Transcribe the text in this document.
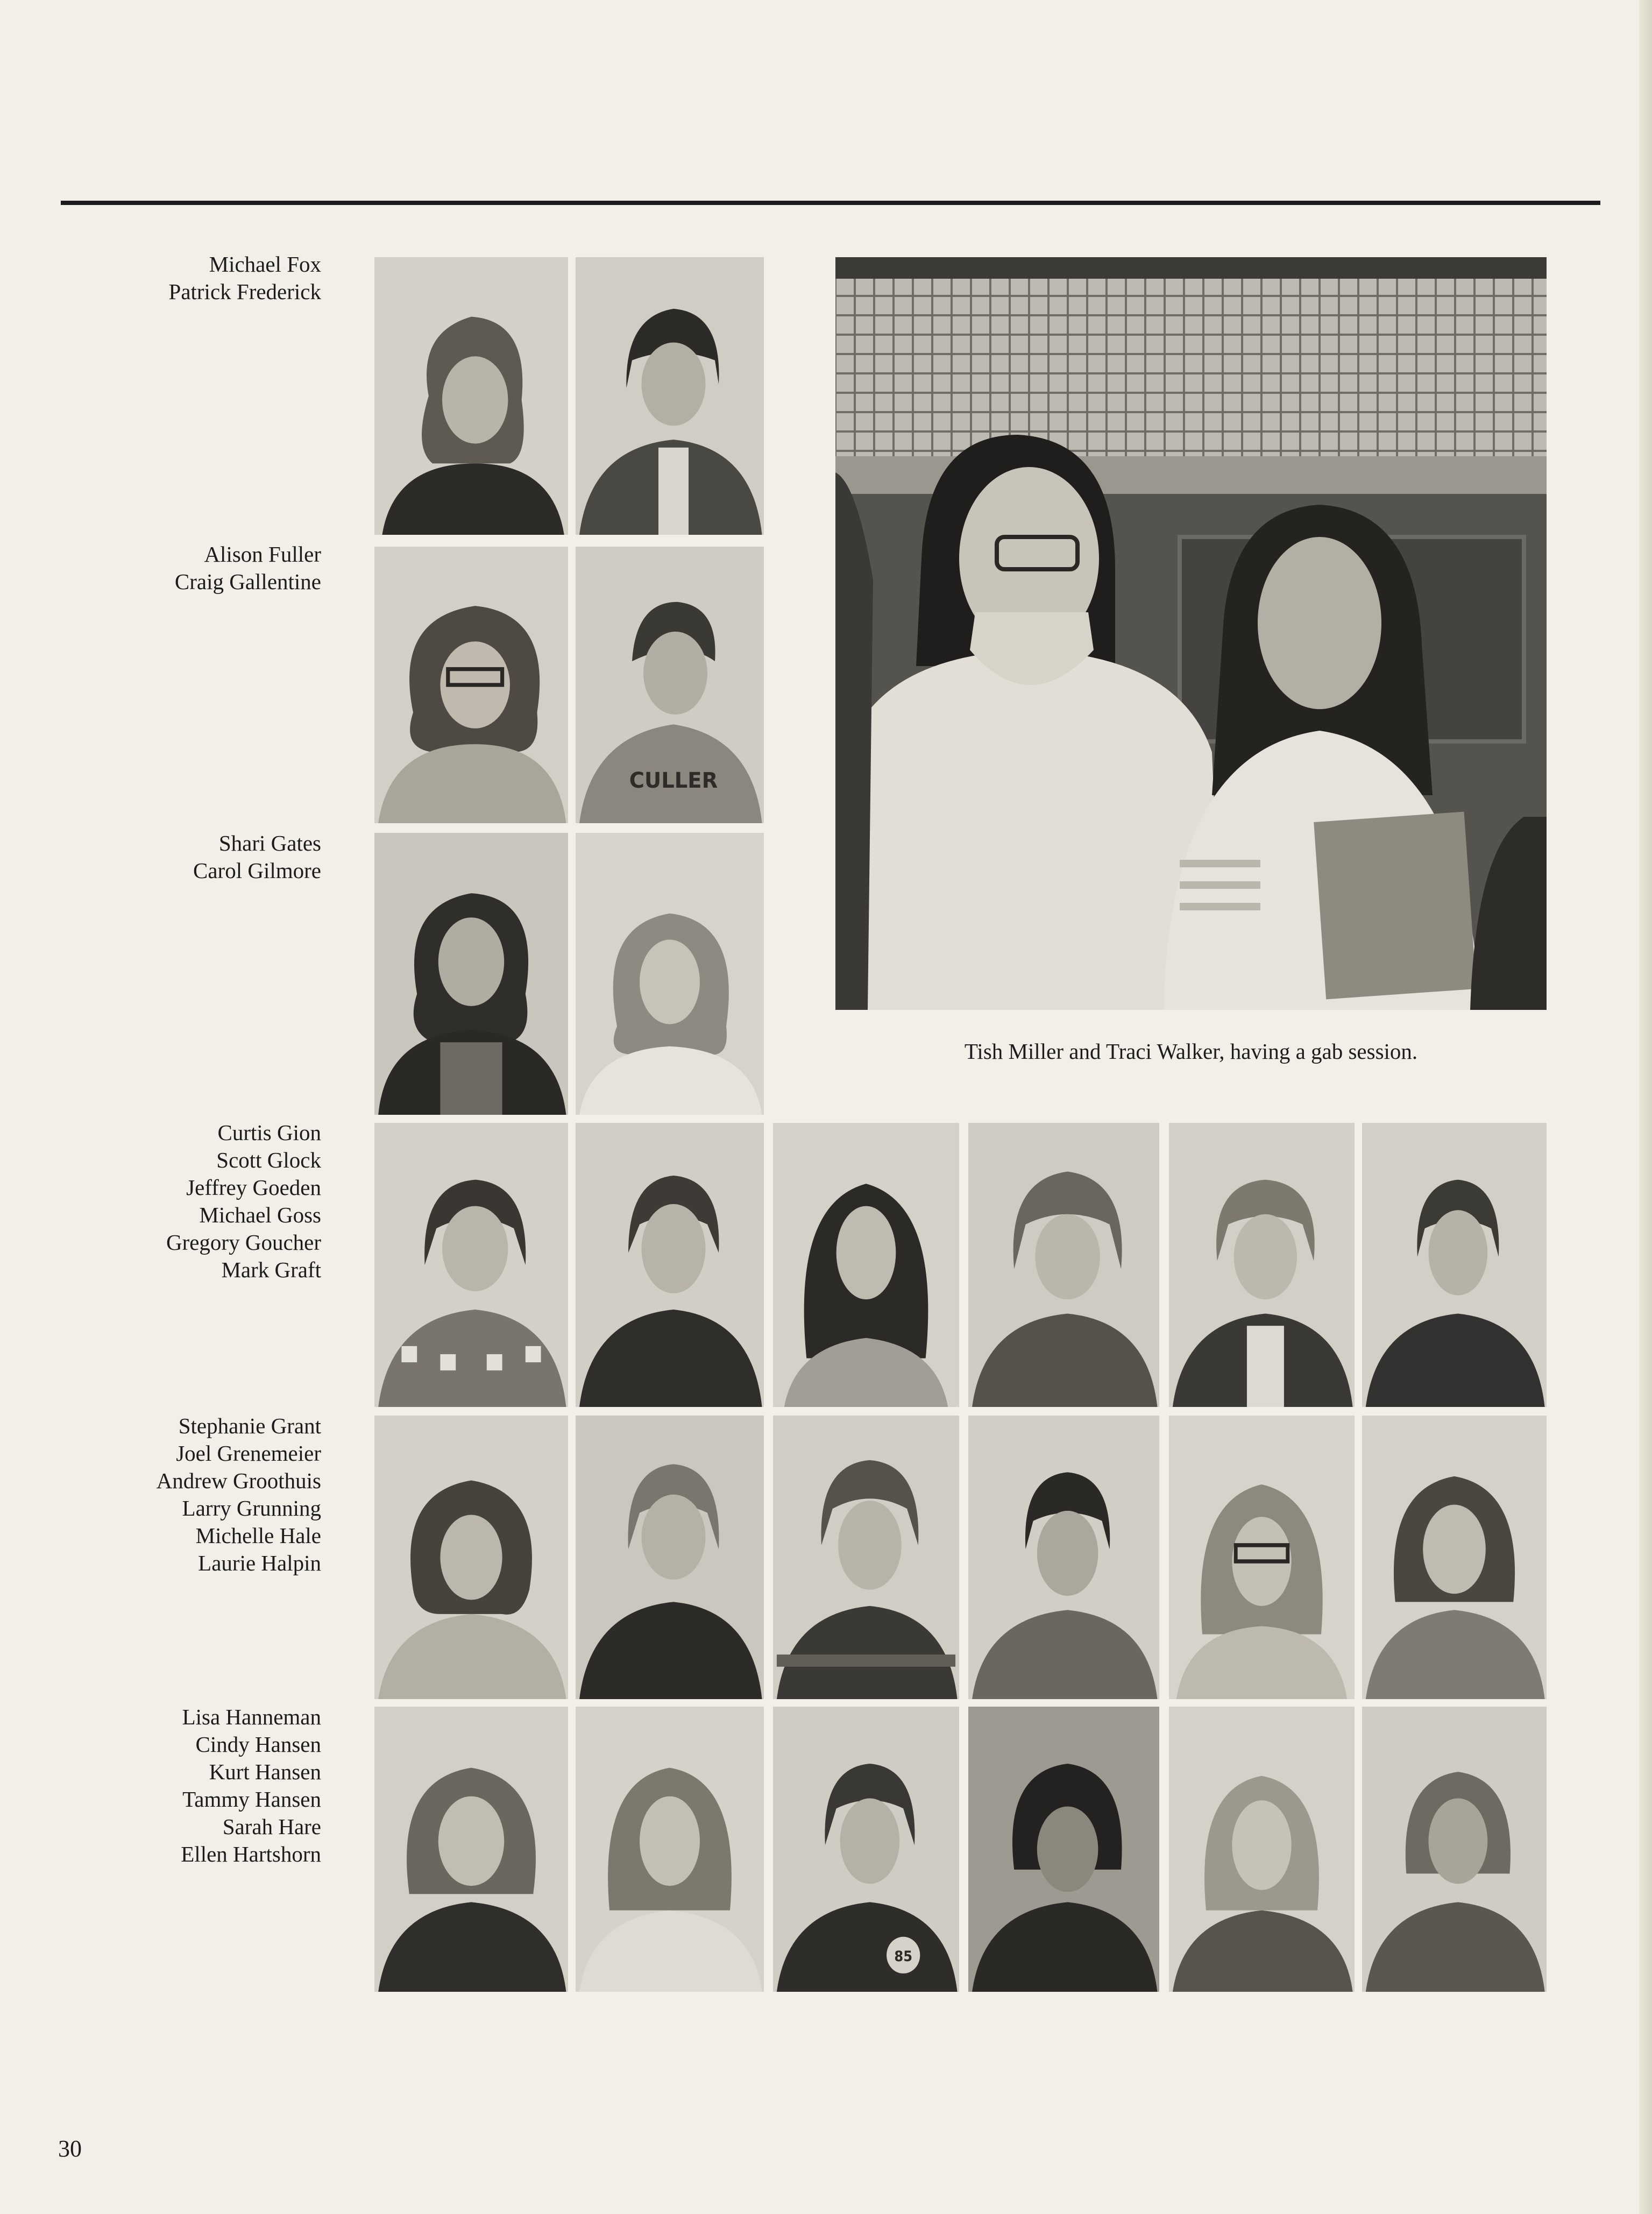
Michael Fox
Patrick Frederick
Alison Fuller
Craig Gallentine
Shari Gates
Carol Gilmore
Curtis Gion
Scott Glock
Jeffrey Goeden
Michael Goss
Gregory Goucher
Mark Graft
Stephanie Grant
Joel Grenemeier
Andrew Groothuis
Larry Grunning
Michelle Hale
Laurie Halpin
Lisa Hanneman
Cindy Hansen
Kurt Hansen
Tammy Hansen
Sarah Hare
Ellen Hartshorn
CULLER
Tish Miller and Traci Walker, having a gab session.
85
30
